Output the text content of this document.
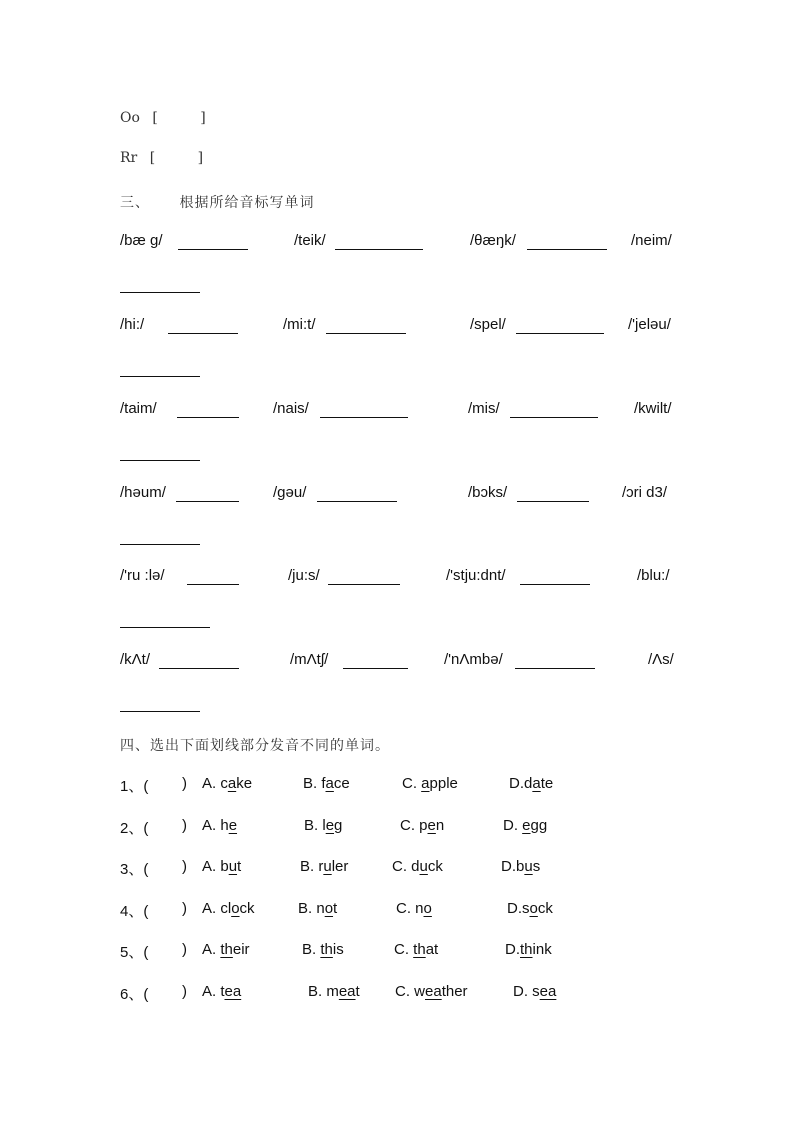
Oo [	]
Rr [	]
三、 根据所给音标写单词
/bæ g/	/teik/	/θæŋk/	/neim/
/hi:/	/mi:t/	/spel/	/'jeləu/
/taim/	/nais/	/mis/	/kwilt/
/həum/	/gəu/	/bɔks/	/ɔri d3/
/'ru :lə/	/ju:s/	/'stju:dnt/	/blu:/
/kΛt/	/mΛtʃ/	/'nΛmbə/	/Λs/
四、选出下面划线部分发音不同的单词。
1、( ) A. cake	B. face	C. apple	D.date
2、( ) A. he	B. leg	C. pen	D. egg
3、( ) A. but	B. ruler	C. duck	D.bus
4、( ) A. clock	B. not	C. no	D.sock
5、( ) A. their	B. this	C. that	D.think
6、( ) A. tea	B. meat C. weather	D. sea
